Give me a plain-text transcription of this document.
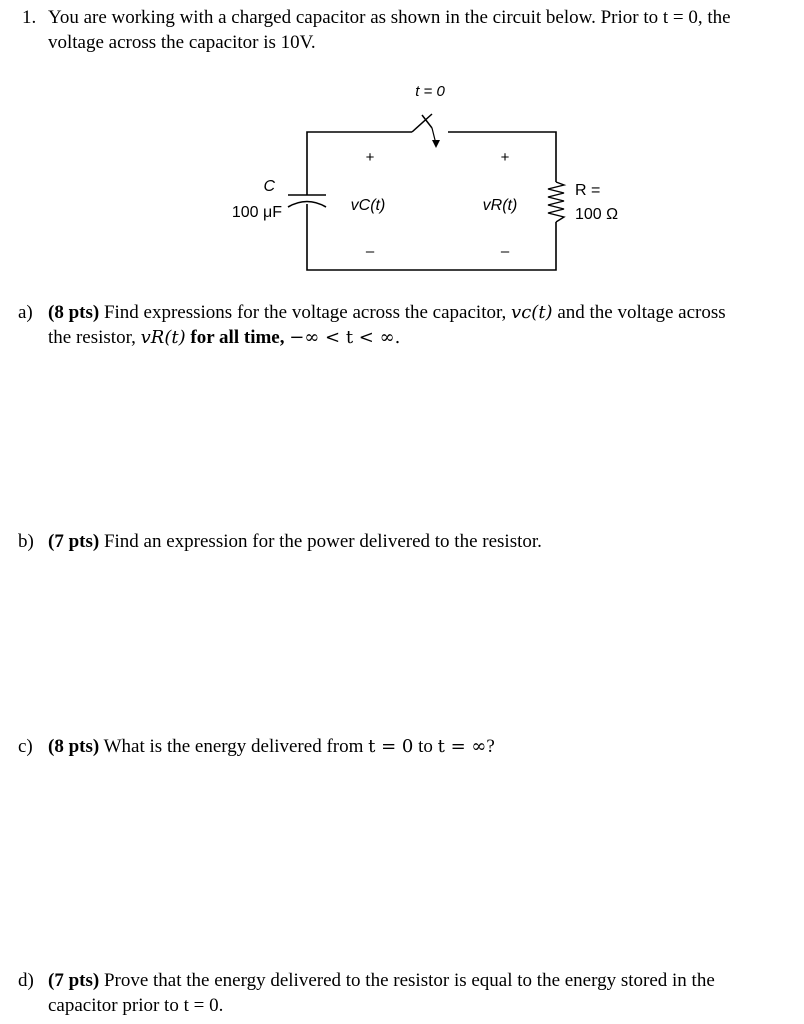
1. You are working with a charged capacitor as shown in the circuit below. Prior to t = 0, the
voltage across the capacitor is 10V.
t = 0
C
100 μF
+
vC(t)
–
+
vR(t)
–
R =
100 Ω
a) (8 pts) Find expressions for the voltage across the capacitor, vc(t) and the voltage across
the resistor, vR(t) for all time, −∞ < t < ∞.
b) (7 pts) Find an expression for the power delivered to the resistor.
c) (8 pts) What is the energy delivered from t = 0 to t = ∞?
d) (7 pts) Prove that the energy delivered to the resistor is equal to the energy stored in the
capacitor prior to t = 0.
